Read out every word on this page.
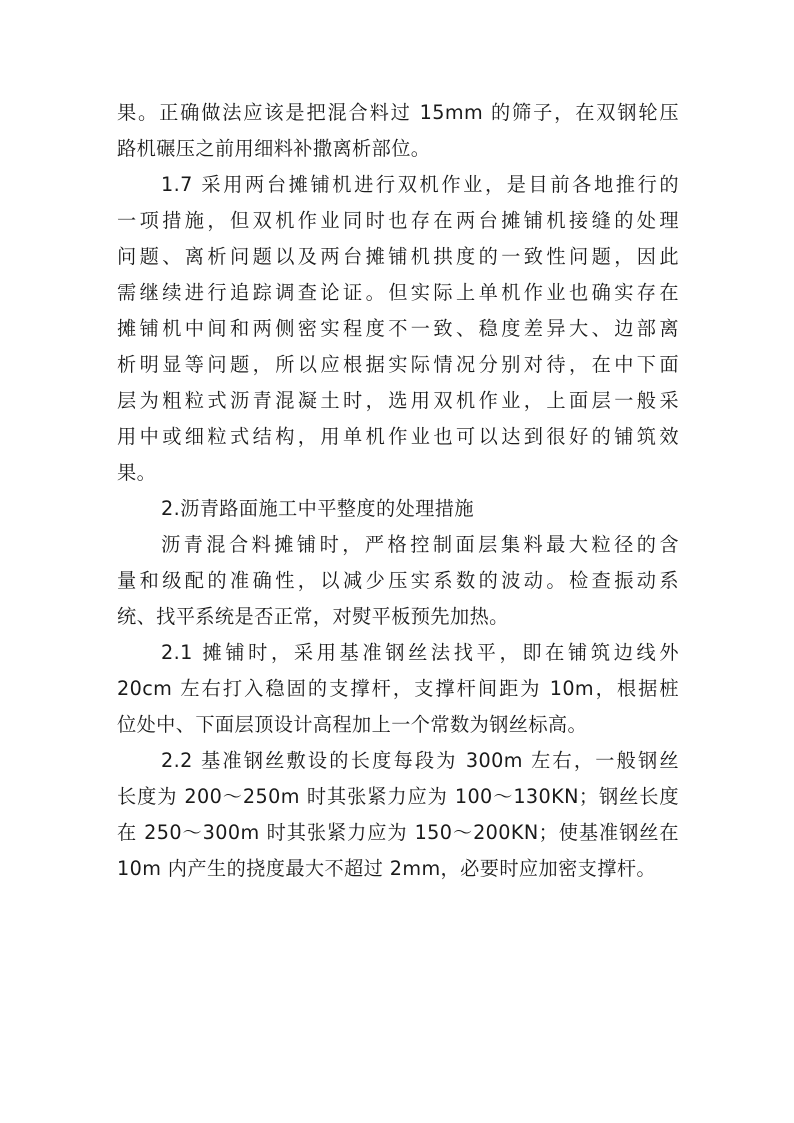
果。正确做法应该是把混合料过 15mm 的筛子，在双钢轮压
路机碾压之前用细料补撒离析部位。
1.7 采用两台摊铺机进行双机作业，是目前各地推行的
一项措施，但双机作业同时也存在两台摊铺机接缝的处理
问题、离析问题以及两台摊铺机拱度的一致性问题，因此
需继续进行追踪调查论证。但实际上单机作业也确实存在
摊铺机中间和两侧密实程度不一致、稳度差异大、边部离
析明显等问题，所以应根据实际情况分别对待，在中下面
层为粗粒式沥青混凝土时，选用双机作业，上面层一般采
用中或细粒式结构，用单机作业也可以达到很好的铺筑效
果。
2.沥青路面施工中平整度的处理措施
沥青混合料摊铺时，严格控制面层集料最大粒径的含
量和级配的准确性，以减少压实系数的波动。检查振动系
统、找平系统是否正常，对熨平板预先加热。
2.1 摊铺时，采用基准钢丝法找平，即在铺筑边线外
20cm 左右打入稳固的支撑杆，支撑杆间距为 10m，根据桩
位处中、下面层顶设计高程加上一个常数为钢丝标高。
2.2 基准钢丝敷设的长度每段为 300m 左右，一般钢丝
长度为 200～250m 时其张紧力应为 100～130KN；钢丝长度
在 250～300m 时其张紧力应为 150～200KN；使基准钢丝在
10m 内产生的挠度最大不超过 2mm，必要时应加密支撑杆。
